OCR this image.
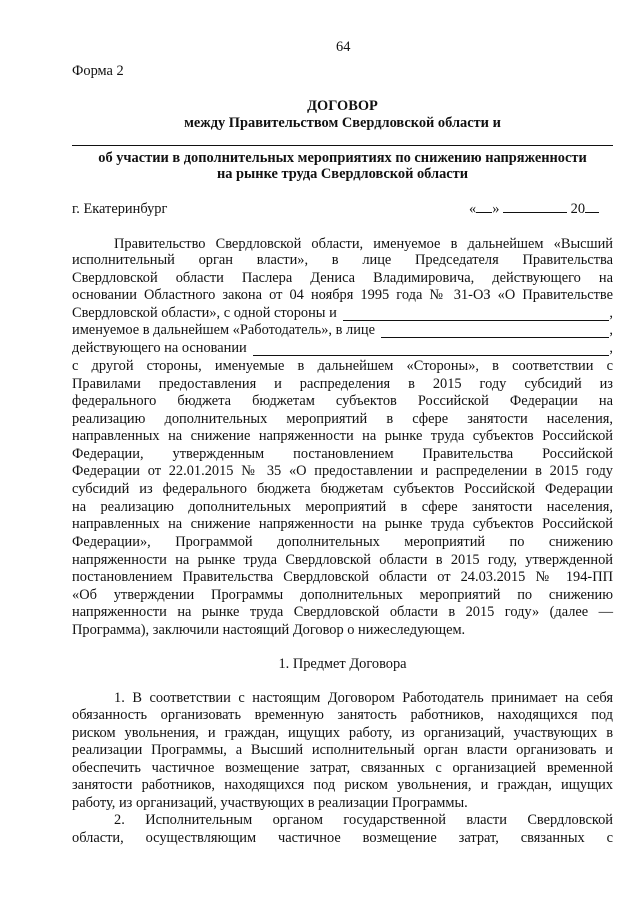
64
Форма 2
ДОГОВОР
между Правительством Свердловской области и
об участии в дополнительных мероприятиях по снижению напряженности
на рынке труда Свердловской области
г. Екатеринбург	« »	20
Правительство Свердловской области, именуемое в дальнейшем «Высший
исполнительный орган власти», в лице Председателя Правительства
Свердловской области Паслера Дениса Владимировича, действующего на
основании Областного закона от 04 ноября 1995 года № 31-ОЗ «О Правительстве
Свердловской области», с одной стороны и	,
именуемое в дальнейшем «Работодатель», в лице	,
действующего на основании	,
с другой стороны, именуемые в дальнейшем «Стороны», в соответствии с
Правилами предоставления и распределения в 2015 году субсидий из
федерального бюджета бюджетам субъектов Российской Федерации на
реализацию дополнительных мероприятий в сфере занятости населения,
направленных на снижение напряженности на рынке труда субъектов Российской
Федерации, утвержденным постановлением Правительства Российской
Федерации от 22.01.2015 № 35 «О предоставлении и распределении в 2015 году
субсидий из федерального бюджета бюджетам субъектов Российской Федерации
на реализацию дополнительных мероприятий в сфере занятости населения,
направленных на снижение напряженности на рынке труда субъектов Российской
Федерации», Программой дополнительных мероприятий по снижению
напряженности на рынке труда Свердловской области в 2015 году, утвержденной
постановлением Правительства Свердловской области от 24.03.2015 № 194-ПП
«Об утверждении Программы дополнительных мероприятий по снижению
напряженности на рынке труда Свердловской области в 2015 году» (далее —
Программа), заключили настоящий Договор о нижеследующем.
1. Предмет Договора
1. В соответствии с настоящим Договором Работодатель принимает на себя
обязанность организовать временную занятость работников, находящихся под
риском увольнения, и граждан, ищущих работу, из организаций, участвующих в
реализации Программы, а Высший исполнительный орган власти организовать и
обеспечить частичное возмещение затрат, связанных с организацией временной
занятости работников, находящихся под риском увольнения, и граждан, ищущих
работу, из организаций, участвующих в реализации Программы.
2. Исполнительным органом государственной власти Свердловской
области, осуществляющим частичное возмещение затрат, связанных с
